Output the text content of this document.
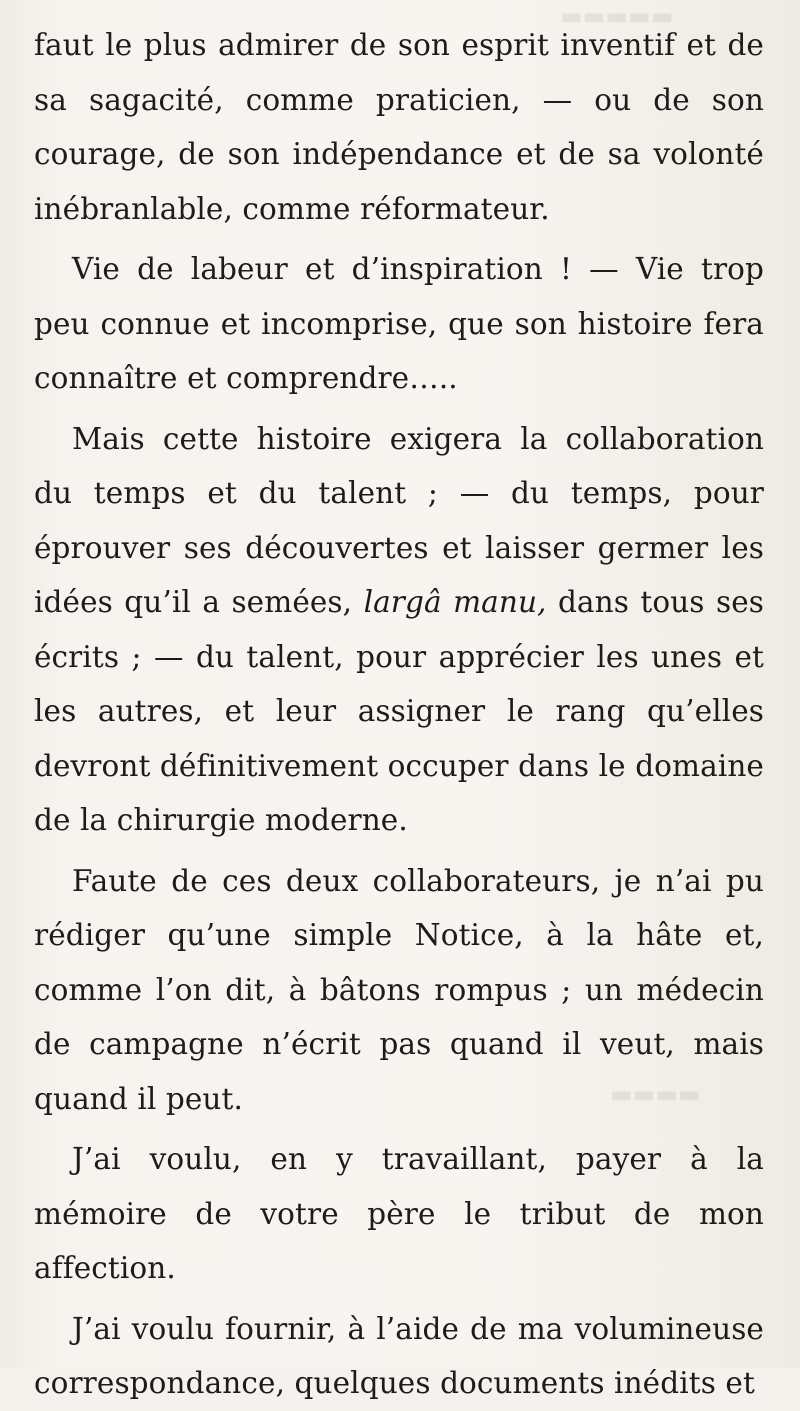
▬▬▬▬▬
▬▬▬▬

faut le plus admirer de son esprit inventif et de sa sagacité, comme praticien, — ou de son courage, de son indépendance et de sa volonté inébranlable, comme réformateur.

Vie de labeur et d’inspiration ! — Vie trop peu connue et incomprise, que son histoire fera connaître et comprendre…..

Mais cette histoire exigera la collaboration du temps et du talent ; — du temps, pour éprouver ses découvertes et laisser germer les idées qu’il a semées, largâ manu, dans tous ses écrits ; — du talent, pour apprécier les unes et les autres, et leur assigner le rang qu’elles devront définitivement occuper dans le domaine de la chirurgie moderne.

Faute de ces deux collaborateurs, je n’ai pu rédiger qu’une simple Notice, à la hâte et, comme l’on dit, à bâtons rompus ; un médecin de campagne n’écrit pas quand il veut, mais quand il peut.

J’ai voulu, en y travaillant, payer à la mémoire de votre père le tribut de mon affection.

J’ai voulu fournir, à l’aide de ma volumineuse correspondance, quelques documents inédits et
